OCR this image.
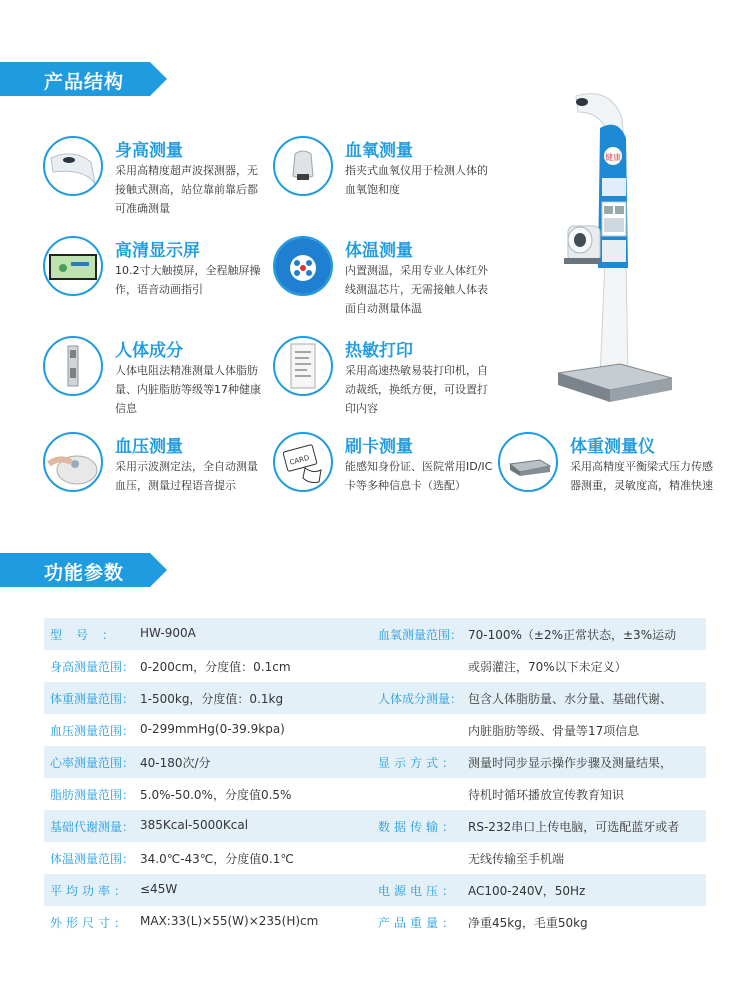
产品结构
身高测量
采用高精度超声波探测器，无接触式测高，站位靠前靠后都可准确测量
血氧测量
指夹式血氧仪用于检测人体的血氧饱和度
高清显示屏
10.2寸大触摸屏，全程触屏操作，语音动画指引
体温测量
内置测温，采用专业人体红外线测温芯片，无需接触人体表面自动测量体温
人体成分
人体电阻法精准测量人体脂肪量、内脏脂肪等级等17种健康信息
热敏打印
采用高速热敏易装打印机，自动裁纸，换纸方便，可设置打印内容
血压测量
采用示波测定法，全自动测量血压，测量过程语音提示
CARD
刷卡测量
能感知身份证、医院常用ID/IC卡等多种信息卡（选配）
体重测量仪
采用高精度平衡梁式压力传感器测重，灵敏度高，精准快速
健康
功能参数
型号： HW-900A	血氧测量范围： 70-100%（±2%正常状态，±3%运动
身高测量范围： 0-200cm，分度值：0.1cm	或弱灌注，70%以下未定义）
体重测量范围： 1-500kg，分度值：0.1kg	人体成分测量： 包含人体脂肪量、水分量、基础代谢、
血压测量范围： 0-299mmHg(0-39.9kpa)	内脏脂肪等级、骨量等17项信息
心率测量范围： 40-180次/分	显示方式： 测量时同步显示操作步骤及测量结果，
脂肪测量范围： 5.0%-50.0%，分度值0.5%	待机时循环播放宣传教育知识
基础代谢测量： 385Kcal-5000Kcal	数据传输： RS-232串口上传电脑，可选配蓝牙或者
体温测量范围： 34.0℃-43℃，分度值0.1℃	无线传输至手机端
平均功率： ≤45W	电源电压： AC100-240V，50Hz
外形尺寸： MAX:33(L)×55(W)×235(H)cm	产品重量： 净重45kg，毛重50kg
